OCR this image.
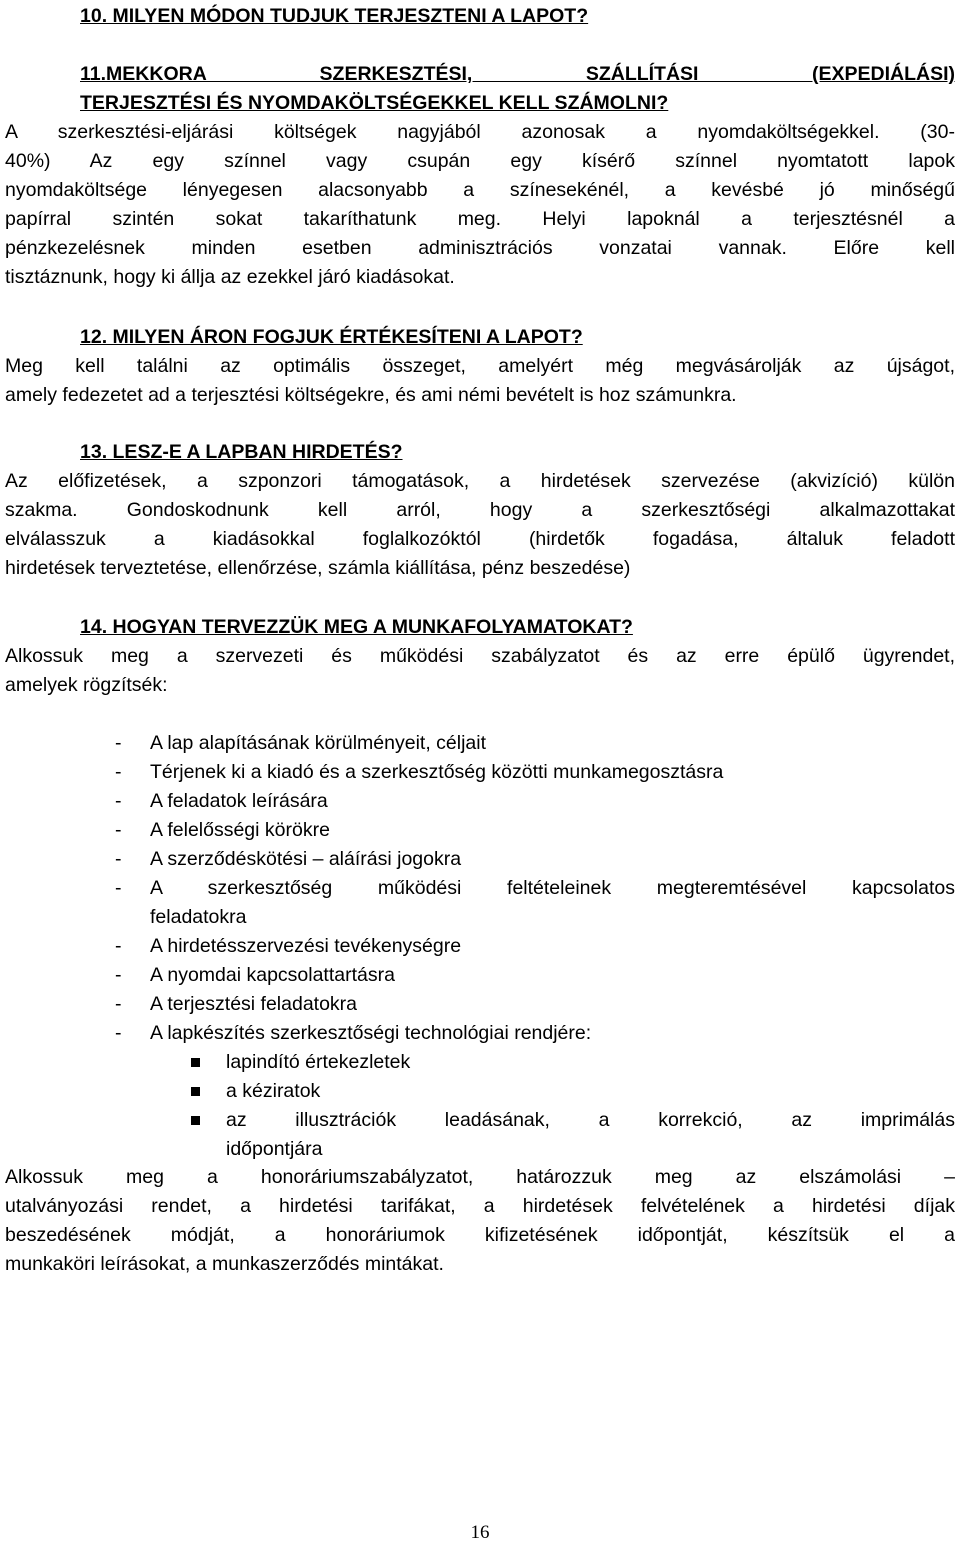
10. MILYEN MÓDON TUDJUK TERJESZTENI A LAPOT?
11.MEKKORA SZERKESZTÉSI, SZÁLLÍTÁSI (EXPEDIÁLÁSI)
TERJESZTÉSI ÉS NYOMDAKÖLTSÉGEKKEL KELL SZÁMOLNI?
A szerkesztési-eljárási költségek nagyjából azonosak a nyomdaköltségekkel. (30-
40%) Az egy színnel vagy csupán egy kísérő színnel nyomtatott lapok
nyomdaköltsége lényegesen alacsonyabb a színesekénél, a kevésbé jó minőségű
papírral szintén sokat takaríthatunk meg. Helyi lapoknál a terjesztésnél a
pénzkezelésnek minden esetben adminisztrációs vonzatai vannak. Előre kell
tisztáznunk, hogy ki állja az ezekkel járó kiadásokat.
12. MILYEN ÁRON FOGJUK ÉRTÉKESÍTENI A LAPOT?
Meg kell találni az optimális összeget, amelyért még megvásárolják az újságot,
amely fedezetet ad a terjesztési költségekre, és ami némi bevételt is hoz számunkra.
13. LESZ-E A LAPBAN HIRDETÉS?
Az előfizetések, a szponzori támogatások, a hirdetések szervezése (akvizíció) külön
szakma. Gondoskodnunk kell arról, hogy a szerkesztőségi alkalmazottakat
elválasszuk a kiadásokkal foglalkozóktól (hirdetők fogadása, általuk feladott
hirdetések terveztetése, ellenőrzése, számla kiállítása, pénz beszedése)
14. HOGYAN TERVEZZÜK MEG A MUNKAFOLYAMATOKAT?
Alkossuk meg a szervezeti és működési szabályzatot és az erre épülő ügyrendet,
amelyek rögzítsék:
- A lap alapításának körülményeit, céljait
- Térjenek ki a kiadó és a szerkesztőség közötti munkamegosztásra
- A feladatok leírására
- A felelősségi körökre
- A szerződéskötési – aláírási jogokra
- A szerkesztőség működési feltételeinek megteremtésével kapcsolatos
feladatokra
- A hirdetésszervezési tevékenységre
- A nyomdai kapcsolattartásra
- A terjesztési feladatokra
- A lapkészítés szerkesztőségi technológiai rendjére:
lapindító értekezletek
a kéziratok
az illusztrációk leadásának, a korrekció, az imprimálás
időpontjára
Alkossuk meg a honoráriumszabályzatot, határozzuk meg az elszámolási –
utalványozási rendet, a hirdetési tarifákat, a hirdetések felvételének a hirdetési díjak
beszedésének módját, a honoráriumok kifizetésének időpontját, készítsük el a
munkaköri leírásokat, a munkaszerződés mintákat.
16
